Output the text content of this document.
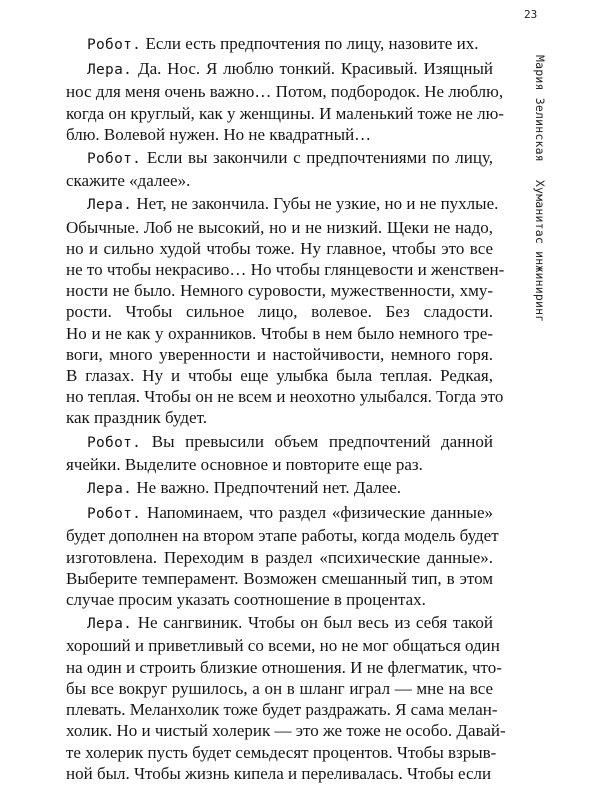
23
Мария ЗелинскаяХуманитас инжиниринг
Робот. Если есть предпочтения по лицу, назовите их.
Лера. Да. Нос. Я люблю тонкий. Красивый. Изящный
нос для меня очень важно… Потом, подбородок. Не люблю,
когда он круглый, как у женщины. И маленький тоже не лю-
блю. Волевой нужен. Но не квадратный…
Робот. Если вы закончили с предпочтениями по лицу,
скажите «далее».
Лера. Нет, не закончила. Губы не узкие, но и не пухлые.
Обычные. Лоб не высокий, но и не низкий. Щеки не надо,
но и сильно худой чтобы тоже. Ну главное, чтобы это все
не то чтобы некрасиво… Но чтобы глянцевости и женствен-
ности не было. Немного суровости, мужественности, хму-
рости. Чтобы сильное лицо, волевое. Без сладости.
Но и не как у охранников. Чтобы в нем было немного тре-
воги, много уверенности и настойчивости, немного горя.
В глазах. Ну и чтобы еще улыбка была теплая. Редкая,
но теплая. Чтобы он не всем и неохотно улыбался. Тогда это
как праздник будет.
Робот. Вы превысили объем предпочтений данной
ячейки. Выделите основное и повторите еще раз.
Лера. Не важно. Предпочтений нет. Далее.
Робот. Напоминаем, что раздел «физические данные»
будет дополнен на втором этапе работы, когда модель будет
изготовлена. Переходим в раздел «психические данные».
Выберите темперамент. Возможен смешанный тип, в этом
случае просим указать соотношение в процентах.
Лера. Не сангвиник. Чтобы он был весь из себя такой
хороший и приветливый со всеми, но не мог общаться один
на один и строить близкие отношения. И не флегматик, что-
бы все вокруг рушилось, а он в шланг играл — мне на все
плевать. Меланхолик тоже будет раздражать. Я сама мелан-
холик. Но и чистый холерик — это же тоже не особо. Давай-
те холерик пусть будет семьдесят процентов. Чтобы взрыв-
ной был. Чтобы жизнь кипела и переливалась. Чтобы если
